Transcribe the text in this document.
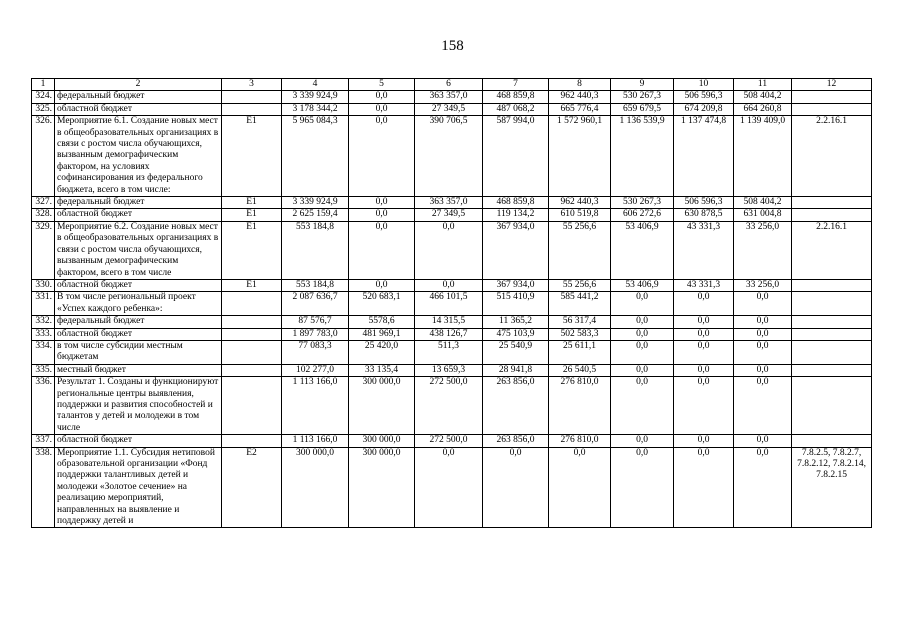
158
1	2	3	4	5	6	7	8	9	10	11	12
324.	федеральный бюджет		3 339 924,9	0,0	363 357,0	468 859,8	962 440,3	530 267,3	506 596,3	508 404,2	
325.	областной бюджет		3 178 344,2	0,0	27 349,5	487 068,2	665 776,4	659 679,5	674 209,8	664 260,8	
326.	Мероприятие 6.1. Создание новых мест в общеобразовательных организациях в связи с ростом числа обучающихся, вызванным демографическим фактором, на условиях софинансирования из федерального бюджета, всего в том числе:	E1	5 965 084,3	0,0	390 706,5	587 994,0	1 572 960,1	1 136 539,9	1 137 474,8	1 139 409,0	2.2.16.1
327.	федеральный бюджет	E1	3 339 924,9	0,0	363 357,0	468 859,8	962 440,3	530 267,3	506 596,3	508 404,2	
328.	областной бюджет	E1	2 625 159,4	0,0	27 349,5	119 134,2	610 519,8	606 272,6	630 878,5	631 004,8	
329.	Мероприятие 6.2. Создание новых мест в общеобразовательных организациях в связи с ростом числа обучающихся, вызванным демографическим фактором, всего в том числе	E1	553 184,8	0,0	0,0	367 934,0	55 256,6	53 406,9	43 331,3	33 256,0	2.2.16.1
330.	областной бюджет	E1	553 184,8	0,0	0,0	367 934,0	55 256,6	53 406,9	43 331,3	33 256,0	
331.	В том числе региональный проект «Успех каждого ребенка»:		2 087 636,7	520 683,1	466 101,5	515 410,9	585 441,2	0,0	0,0	0,0	
332.	федеральный бюджет		87 576,7	5578,6	14 315,5	11 365,2	56 317,4	0,0	0,0	0,0	
333.	областной бюджет		1 897 783,0	481 969,1	438 126,7	475 103,9	502 583,3	0,0	0,0	0,0	
334.	в том числе субсидии местным бюджетам		77 083,3	25 420,0	511,3	25 540,9	25 611,1	0,0	0,0	0,0	
335.	местный бюджет		102 277,0	33 135,4	13 659,3	28 941,8	26 540,5	0,0	0,0	0,0	
336.	Результат 1. Созданы и функционируют региональные центры выявления, поддержки и развития способностей и талантов у детей и молодежи в том числе		1 113 166,0	300 000,0	272 500,0	263 856,0	276 810,0	0,0	0,0	0,0	
337.	областной бюджет		1 113 166,0	300 000,0	272 500,0	263 856,0	276 810,0	0,0	0,0	0,0	
338.	Мероприятие 1.1. Субсидия нетиповой образовательной организации «Фонд поддержки талантливых детей и молодежи «Золотое сечение» на реализацию мероприятий, направленных на выявление и поддержку детей и	E2	300 000,0	300 000,0	0,0	0,0	0,0	0,0	0,0	0,0	7.8.2.5, 7.8.2.7, 7.8.2.12, 7.8.2.14, 7.8.2.15
